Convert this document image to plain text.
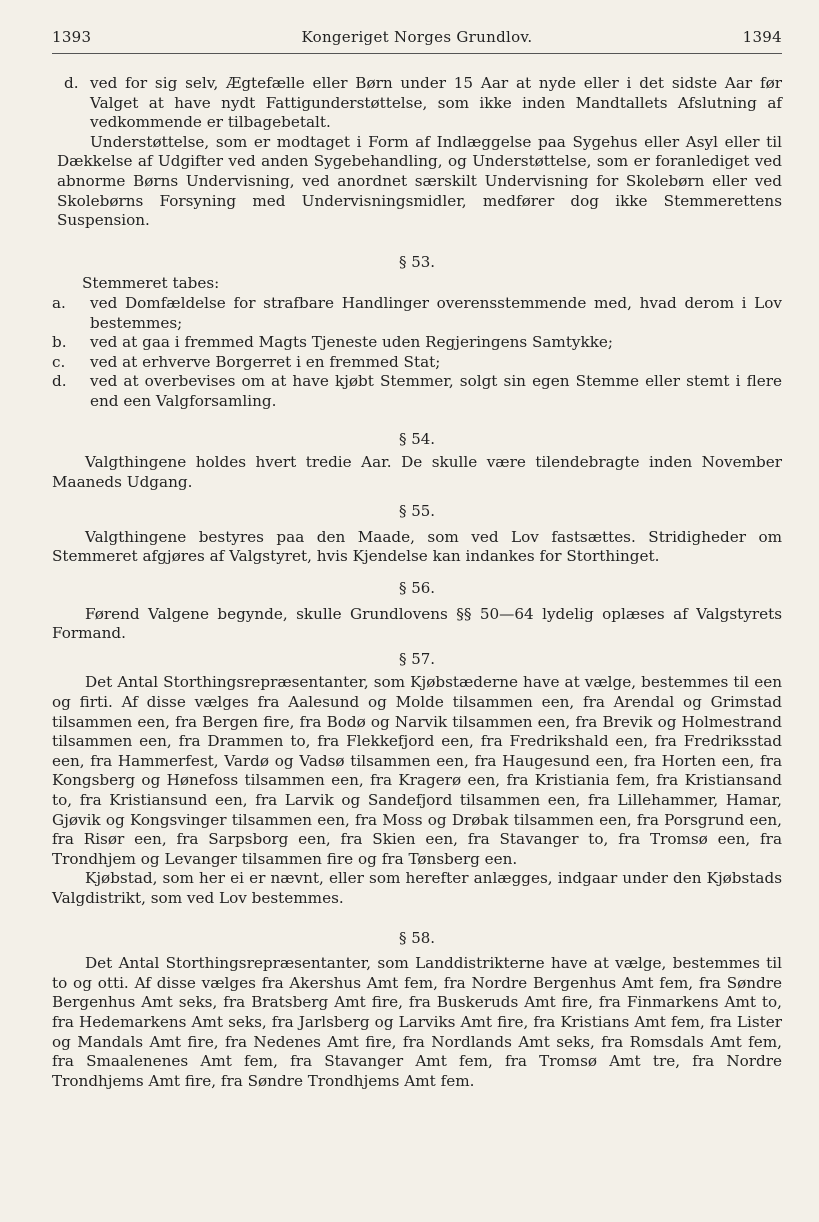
Kongeriget Norges Grundlov.
1393	1394

d. ved for sig selv, Ægtefælle eller Børn under 15 Aar at nyde eller i det sidste Aar før Valget at have nydt Fattigunderstøttelse, som ikke inden Mandtallets Afslutning af vedkommende er tilbagebetalt.

Understøttelse, som er modtaget i Form af Indlæggelse paa Sygehus eller Asyl eller til Dækkelse af Udgifter ved anden Sygebehandling, og Understøttelse, som er foranlediget ved abnorme Børns Undervisning, ved anordnet særskilt Undervisning for Skolebørn eller ved Skolebørns Forsyning med Undervisningsmidler, medfører dog ikke Stemmerettens Suspension.

§ 53.

Stemmeret tabes:

a. ved Domfældelse for strafbare Handlinger overensstemmende med, hvad derom i Lov bestemmes;

b. ved at gaa i fremmed Magts Tjeneste uden Regjeringens Samtykke;

c. ved at erhverve Borgerret i en fremmed Stat;

d. ved at overbevises om at have kjøbt Stemmer, solgt sin egen Stemme eller stemt i flere end een Valgforsamling.

§ 54.

Valgthingene holdes hvert tredie Aar. De skulle være tilendebragte inden November Maaneds Udgang.

§ 55.

Valgthingene bestyres paa den Maade, som ved Lov fastsættes. Stridigheder om Stemmeret afgjøres af Valgstyret, hvis Kjendelse kan indankes for Storthinget.

§ 56.

Førend Valgene begynde, skulle Grundlovens §§ 50—64 lydelig oplæses af Valgstyrets Formand.

§ 57.

Det Antal Storthingsrepræsentanter, som Kjøbstæderne have at vælge, bestemmes til een og firti. Af disse vælges fra Aalesund og Molde tilsammen een, fra Arendal og Grimstad tilsammen een, fra Bergen fire, fra Bodø og Narvik tilsammen een, fra Brevik og Holmestrand tilsammen een, fra Drammen to, fra Flekkefjord een, fra Fredrikshald een, fra Fredriksstad een, fra Hammerfest, Vardø og Vadsø tilsammen een, fra Haugesund een, fra Horten een, fra Kongsberg og Hønefoss tilsammen een, fra Kragerø een, fra Kristiania fem, fra Kristiansand to, fra Kristiansund een, fra Larvik og Sandefjord tilsammen een, fra Lillehammer, Hamar, Gjøvik og Kongsvinger tilsammen een, fra Moss og Drøbak tilsammen een, fra Porsgrund een, fra Risør een, fra Sarpsborg een, fra Skien een, fra Stavanger to, fra Tromsø een, fra Trondhjem og Levanger tilsammen fire og fra Tønsberg een.

Kjøbstad, som her ei er nævnt, eller som herefter anlægges, indgaar under den Kjøbstads Valgdistrikt, som ved Lov bestemmes.

§ 58.

Det Antal Storthingsrepræsentanter, som Landdistrikterne have at vælge, bestemmes til to og otti. Af disse vælges fra Akershus Amt fem, fra Nordre Bergenhus Amt fem, fra Søndre Bergenhus Amt seks, fra Bratsberg Amt fire, fra Buskeruds Amt fire, fra Finmarkens Amt to, fra Hedemarkens Amt seks, fra Jarlsberg og Larviks Amt fire, fra Kristians Amt fem, fra Lister og Mandals Amt fire, fra Nedenes Amt fire, fra Nordlands Amt seks, fra Romsdals Amt fem, fra Smaalenenes Amt fem, fra Stavanger Amt fem, fra Tromsø Amt tre, fra Nordre Trondhjems Amt fire, fra Søndre Trondhjems Amt fem.
